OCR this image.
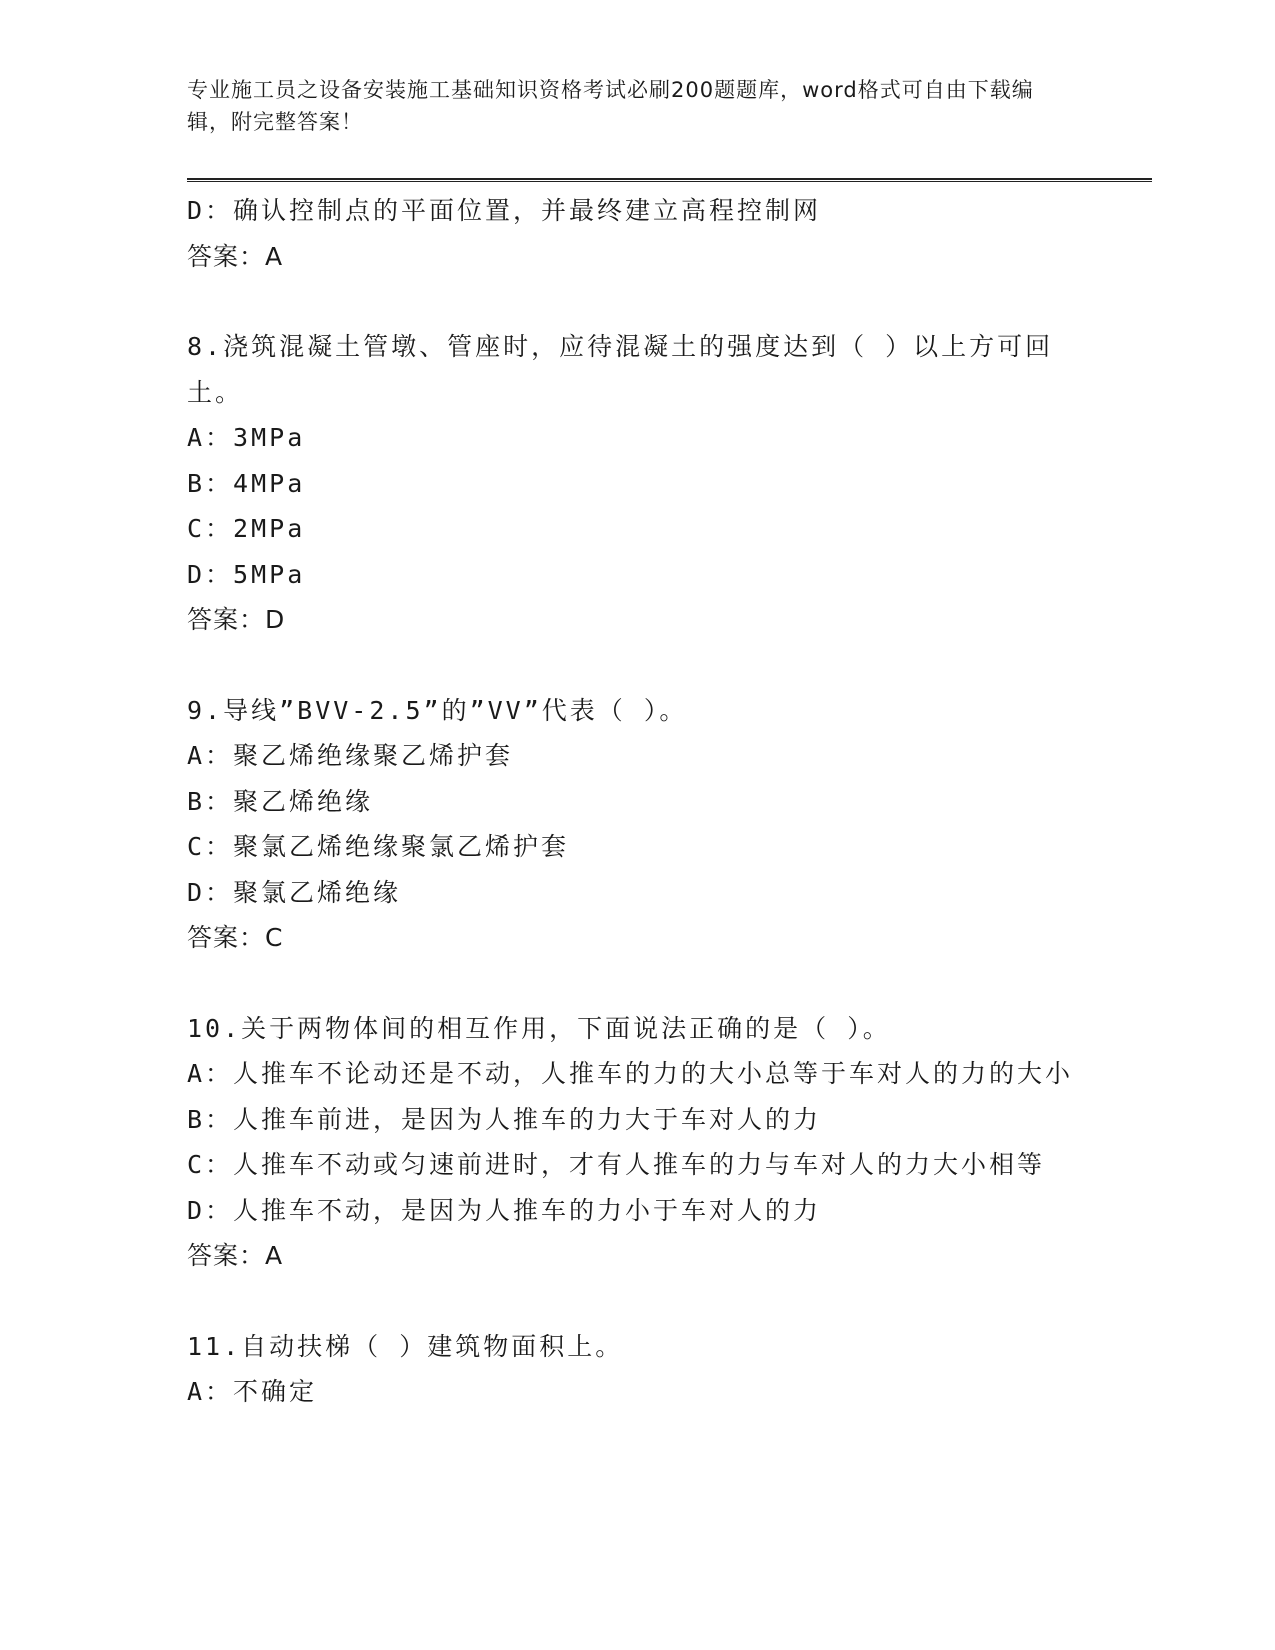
专业施工员之设备安装施工基础知识资格考试必刷200题题库，word格式可自由下载编辑，附完整答案！
D：确认控制点的平面位置，并最终建立高程控制网
答案：A
8.浇筑混凝土管墩、管座时，应待混凝土的强度达到（ ）以上方可回土。
A：3MPa
B：4MPa
C：2MPa
D：5MPa
答案：D
9.导线”BVV-2.5”的”VV”代表（ ）。
A：聚乙烯绝缘聚乙烯护套
B：聚乙烯绝缘
C：聚氯乙烯绝缘聚氯乙烯护套
D：聚氯乙烯绝缘
答案：C
10.关于两物体间的相互作用，下面说法正确的是（ ）。
A：人推车不论动还是不动，人推车的力的大小总等于车对人的力的大小
B：人推车前进，是因为人推车的力大于车对人的力
C：人推车不动或匀速前进时，才有人推车的力与车对人的力大小相等
D：人推车不动，是因为人推车的力小于车对人的力
答案：A
11.自动扶梯（ ）建筑物面积上。
A：不确定
